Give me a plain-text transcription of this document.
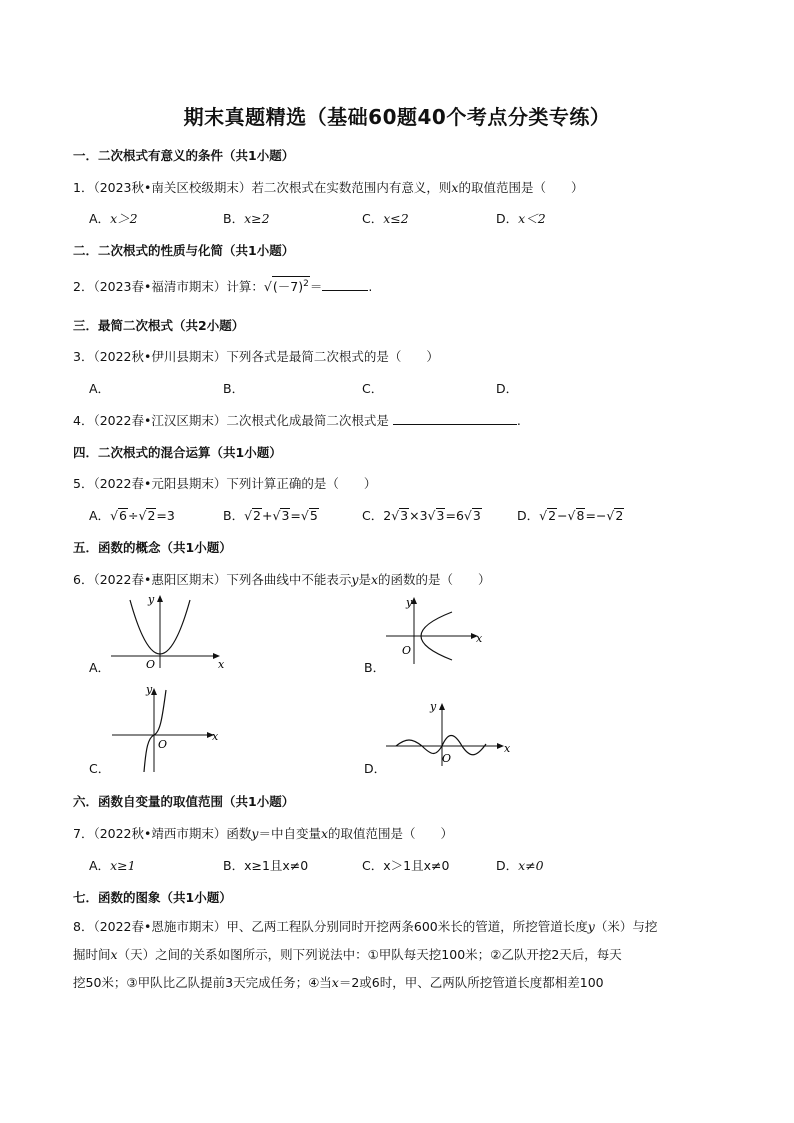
期末真题精选（基础60题40个考点分类专练）
一．二次根式有意义的条件（共1小题）
1．（2023秋•南关区校级期末）若二次根式在实数范围内有意义，则x的取值范围是（　　）
A．x＞2	B．x≥2	C．x≤2	D．x＜2
二．二次根式的性质与化简（共1小题）
2．（2023春•福清市期末）计算：$√(-7)^2=$	.
三．最简二次根式（共2小题）
3．（2022秋•伊川县期末）下列各式是最简二次根式的是（　　）
A．	B．	C．	D．
4．（2022春•江汉区期末）二次根式化成最简二次根式是	.
四．二次根式的混合运算（共1小题）
5．（2022春•元阳县期末）下列计算正确的是（　　）
A．√6÷√2=3	B．√2+√3=√5	C．2√3×3√3=6√3	D．√2−√8=−√2
五．函数的概念（共1小题）
6．（2022春•惠阳区期末）下列各曲线中不能表示y是x的函数的是（　　）
A．	x
y
O	B．
x
y
O
C．
x
y
O
D．
x
y
O
六．函数自变量的取值范围（共1小题）
7．（2022秋•靖西市期末）函数y＝中自变量x的取值范围是（　　）
A．x≥1	B．x≥1且x≠0	C．x＞1且x≠0	D．x≠0
七．函数的图象（共1小题）
8．（2022春•恩施市期末）甲、乙两工程队分别同时开挖两条600米长的管道，所挖管道长度y（米）与挖
掘时间x（天）之间的关系如图所示，则下列说法中：①甲队每天挖100米；②乙队开挖2天后，每天
挖50米；③甲队比乙队提前3天完成任务；④当x＝2或6时，甲、乙两队所挖管道长度都相差100
